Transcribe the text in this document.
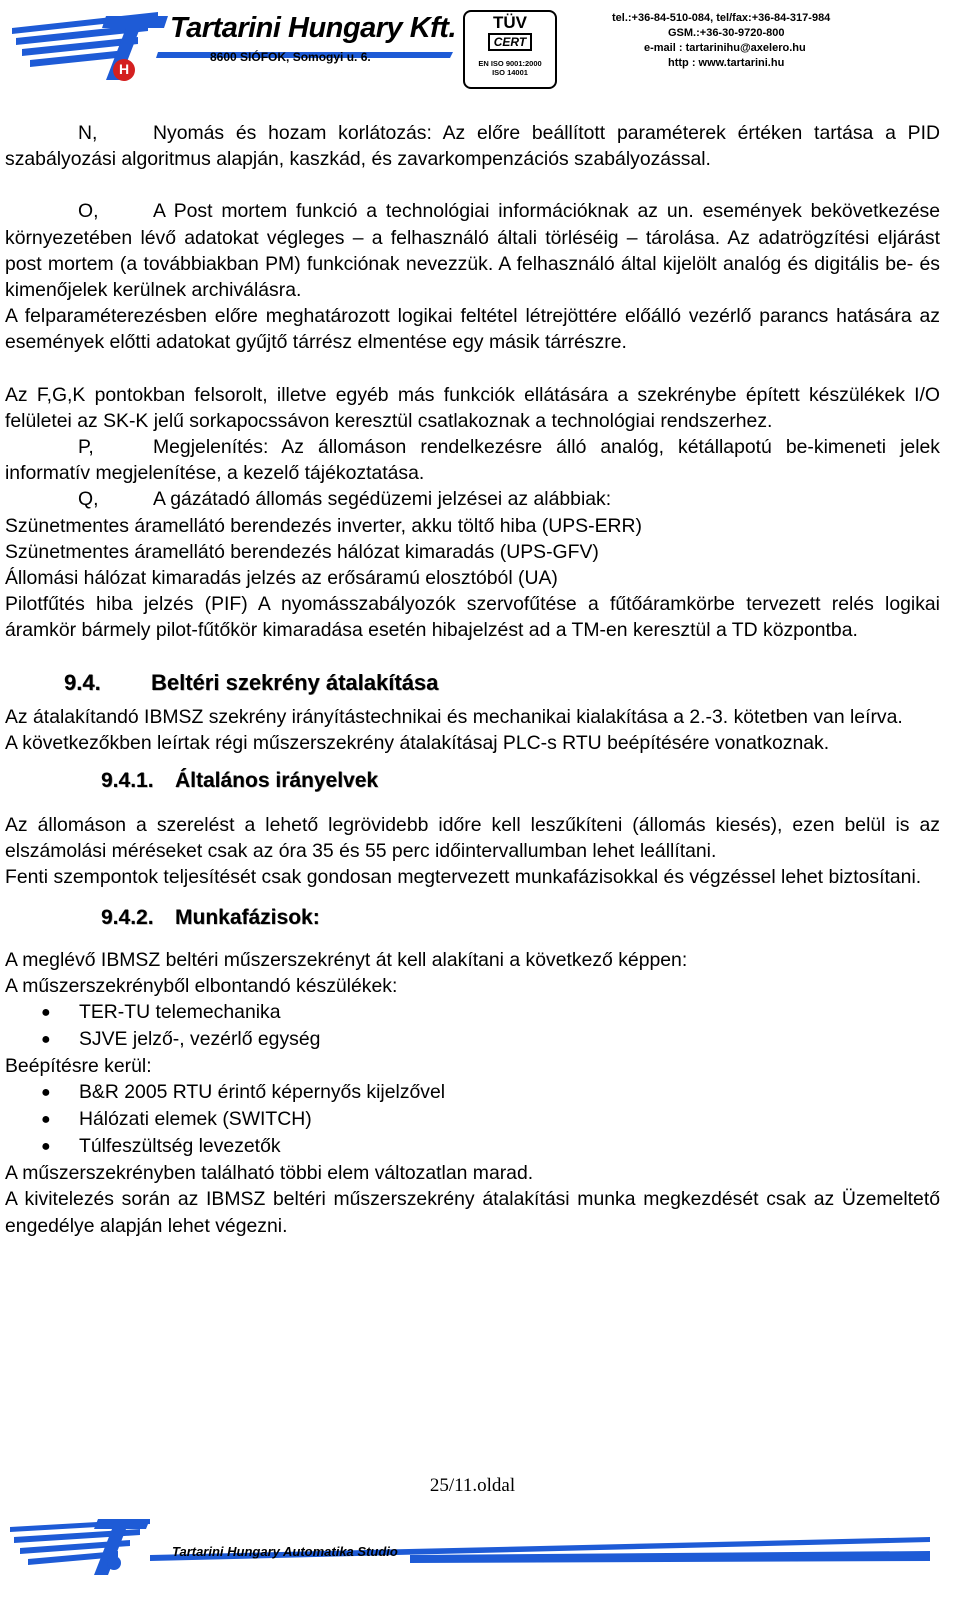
Tartarini Hungary Kft.
8600 SIÓFOK, Somogyi u. 6.
H
TÜV
CERT
EN ISO 9001:2000
ISO 14001
tel.:+36-84-510-084, tel/fax:+36-84-317-984
GSM.:+36-30-9720-800
e-mail : tartarinihu@axelero.hu
http : www.tartarini.hu

N,	Nyomás és hozam korlátozás: Az előre beállított paraméterek értéken tartása a PID szabályozási algoritmus alapján, kaszkád, és zavarkompenzációs szabályozással.

O,	A Post mortem funkció a technológiai információknak az un. események bekövetkezése környezetében lévő adatokat végleges – a felhasználó általi törléséig – tárolása. Az adatrögzítési eljárást post mortem (a továbbiakban PM) funkciónak nevezzük. A felhasználó által kijelölt analóg és digitális be- és kimenőjelek kerülnek archiválásra.

A felparaméterezésben előre meghatározott logikai feltétel létrejöttére előálló vezérlő parancs hatására az események előtti adatokat gyűjtő tárrész elmentése egy másik tárrészre.

Az F,G,K pontokban felsorolt, illetve egyéb más funkciók ellátására a szekrénybe épített készülékek I/O felületei az SK-K jelű sorkapocssávon keresztül csatlakoznak a technológiai rendszerhez.

P,	Megjelenítés: Az állomáson rendelkezésre álló analóg, kétállapotú be-kimeneti jelek informatív megjelenítése, a kezelő tájékoztatása.

Q,	A gázátadó állomás segédüzemi jelzései az alábbiak:

Szünetmentes áramellátó berendezés inverter, akku töltő hiba (UPS-ERR)

Szünetmentes áramellátó berendezés hálózat kimaradás (UPS-GFV)

Állomási hálózat kimaradás jelzés az erősáramú elosztóból (UA)

Pilotfűtés hiba jelzés (PIF) A nyomásszabályozók szervofűtése a fűtőáramkörbe tervezett relés logikai áramkör bármely pilot-fűtőkör kimaradása esetén hibajelzést ad a TM-en keresztül a TD központba.

9.4. Beltéri szekrény átalakítása

Az átalakítandó IBMSZ szekrény irányítástechnikai és mechanikai kialakítása a 2.-3. kötetben van leírva.

A következőkben leírtak régi műszerszekrény átalakításaj PLC-s RTU beépítésére vonatkoznak.

9.4.1. Általános irányelvek

Az állomáson a szerelést a lehető legrövidebb időre kell leszűkíteni (állomás kiesés), ezen belül is az elszámolási méréseket csak az óra 35 és 55 perc időintervallumban lehet leállítani.

Fenti szempontok teljesítését csak gondosan megtervezett munkafázisokkal és végzéssel lehet biztosítani.

9.4.2. Munkafázisok:

A meglévő IBMSZ beltéri műszerszekrényt át kell alakítani a következő képpen:

A műszerszekrényből elbontandó készülékek:

● TER-TU telemechanika
● SJVE jelző-, vezérlő egység

Beépítésre kerül:

● B&R 2005 RTU érintő képernyős kijelzővel
● Hálózati elemek (SWITCH)
● Túlfeszültség levezetők

A műszerszekrényben található többi elem változatlan marad.

A kivitelezés során az IBMSZ beltéri műszerszekrény átalakítási munka megkezdését csak az Üzemeltető engedélye alapján lehet végezni.

25/11.oldal
Tartarini Hungary Automatika Studio
